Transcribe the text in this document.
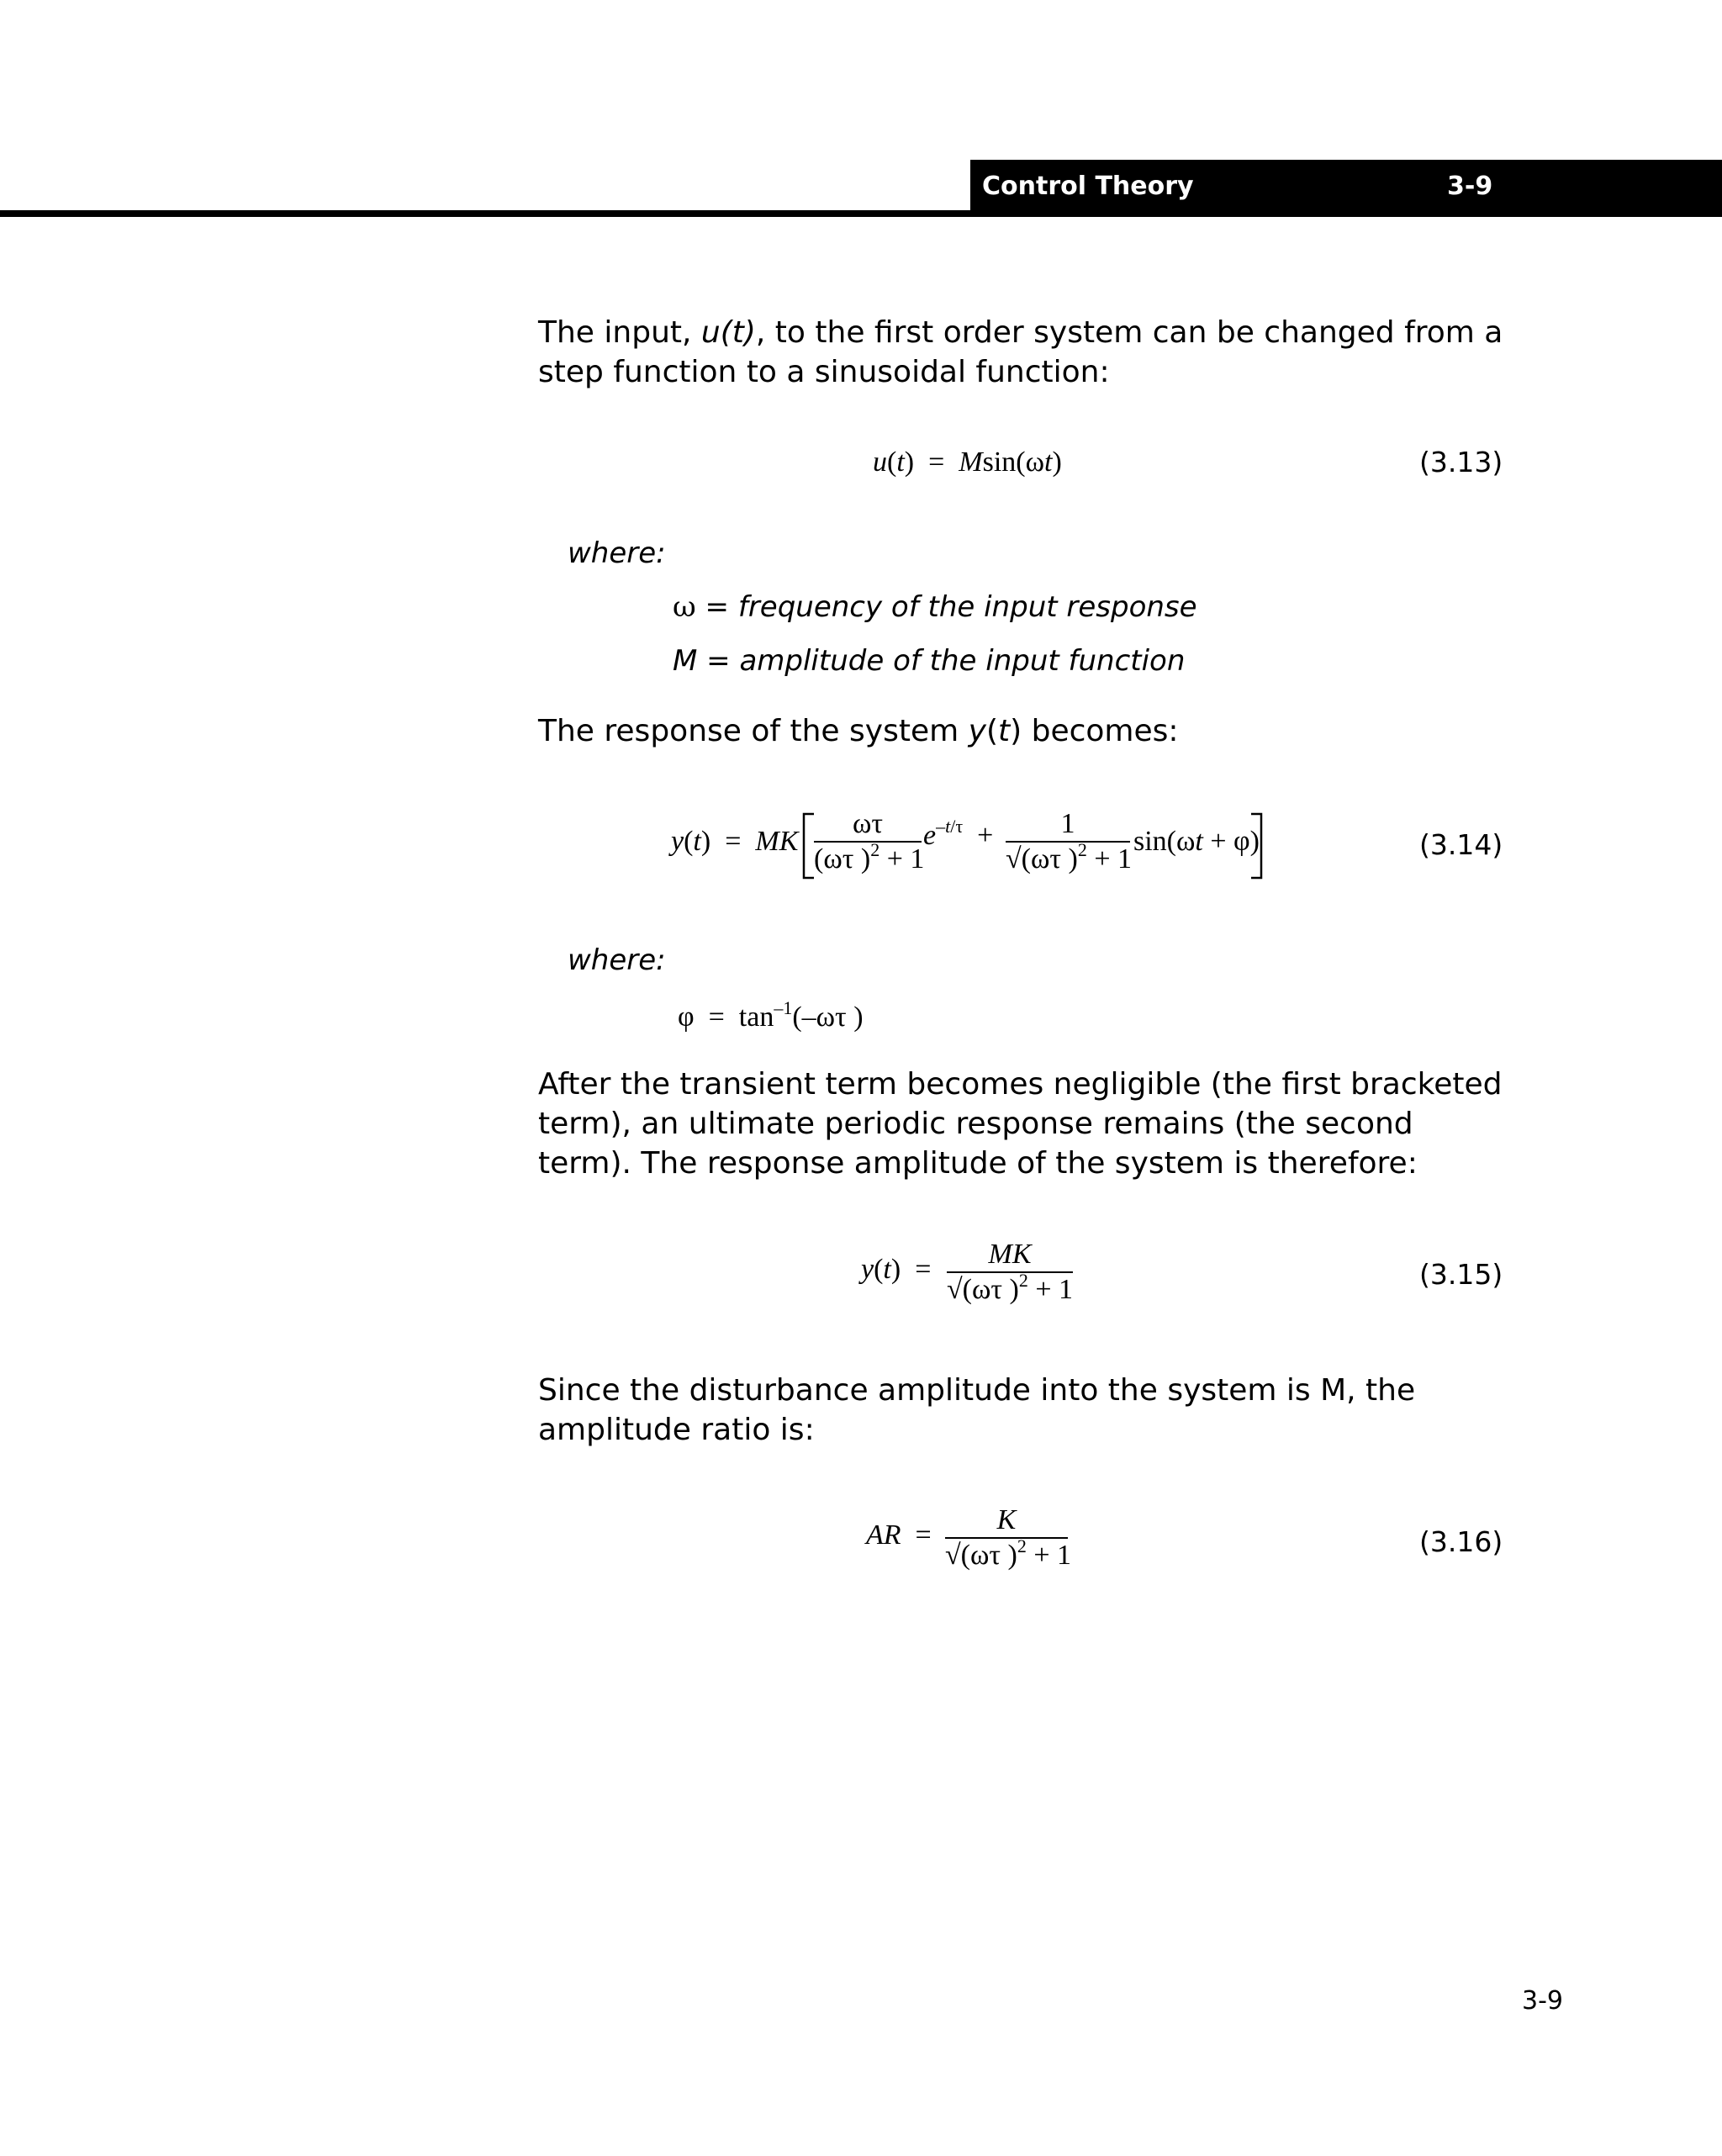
Control Theory	3-9
The input, u(t), to the first order system can be changed from a step function to a sinusoidal function:
u(t)  =  Msin(ωt)	(3.13)
where:
ω = frequency of the input response
M = amplitude of the input function
The response of the system y(t) becomes:
y(t)  =  MK
ωτ
(ωτ )$^2$ + 1
$e^{-t/\tau}$  +	1
√(ωτ )$^2$ + 1
sin(ωt + φ)	(3.14)
where:
$\varphi = \tan^{-1}(-\omega\tau$ )
After the transient term becomes negligible (the first bracketed term), an ultimate periodic response remains (the second term). The response amplitude of the system is therefore:
y(t)  =	MK
√(ωτ )$^2$ + 1	(3.15)
Since the disturbance amplitude into the system is M, the amplitude ratio is:
AR  =	K
√(ωτ )$^2$ + 1	(3.16)
3-9
